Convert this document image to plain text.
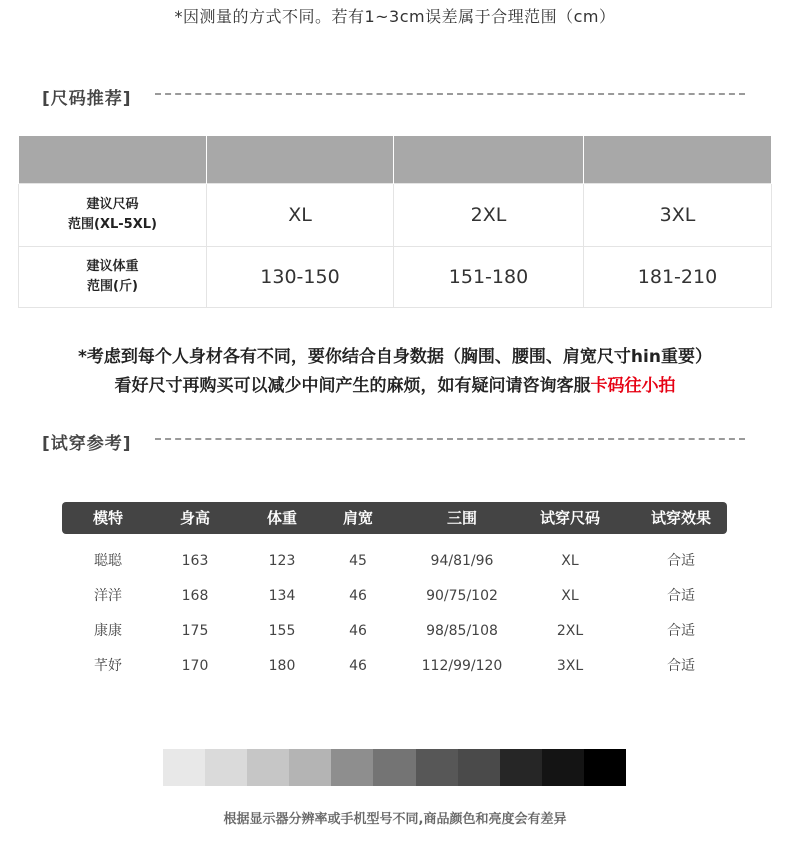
*因测量的方式不同。若有1~3cm误差属于合理范围（cm）
[尺码推荐]

建议尺码
范围(XL-5XL)	XL	2XL	3XL

建议体重
范围(斤)	130-150	151-180	181-210
*考虑到每个人身材各有不同，要你结合自身数据（胸围、腰围、肩宽尺寸hin重要）
看好尺寸再购买可以减少中间产生的麻烦，如有疑问请咨询客服卡码往小拍
[试穿参考]
模特	身高	体重	肩宽	三围	试穿尺码	试穿效果
聪聪	163	123	45	94/81/96	XL	合适
洋洋	168	134	46	90/75/102	XL	合适
康康	175	155	46	98/85/108	2XL	合适
芊妤	170	180	46	112/99/120	3XL	合适
根据显示器分辨率或手机型号不同,商品颜色和亮度会有差异
